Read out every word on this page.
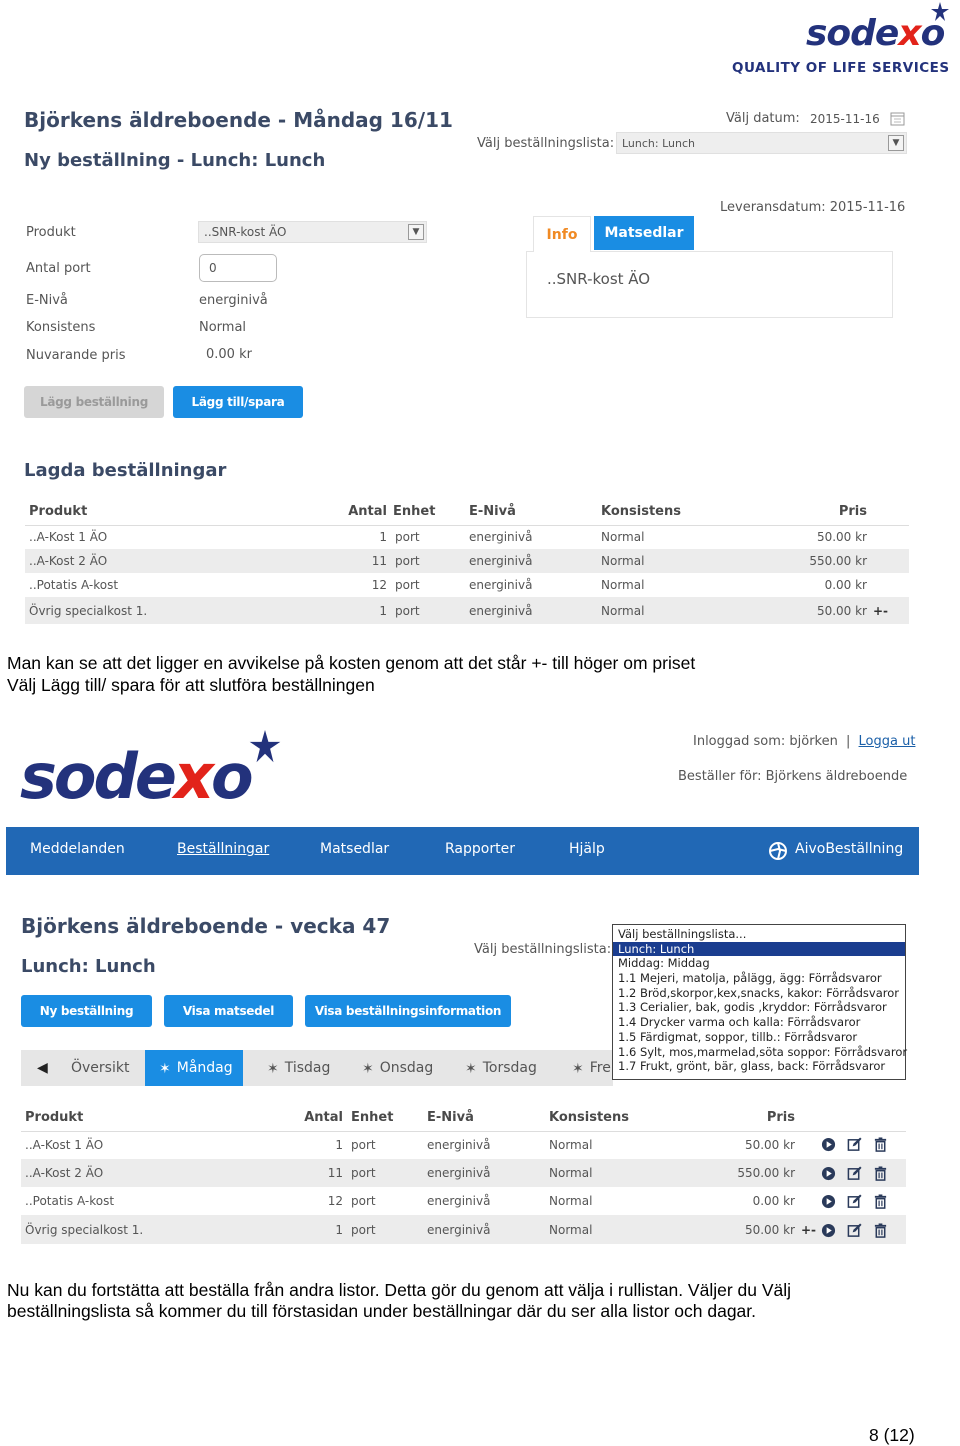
sodexo
QUALITY OF LIFE SERVICES
Björkens äldreboende - Måndag 16/11
Ny beställning - Lunch: Lunch
Välj datum: 2015-11-16
Välj beställningslista: Lunch: Lunch	▼
Leveransdatum: 2015-11-16
Produkt	..SNR-kost ÄO	▼
Antal port	0
E-Nivå	energinivå
Konsistens	Normal
Nuvarande pris	0.00 kr
Lägg beställning	Lägg till/spara
Info	Matsedlar
..SNR-kost ÄO
Lagda beställningar
Produkt	Antal	Enhet	E-Nivå	Konsistens	Pris	
..A-Kost 1 ÄO	1	port	energinivå	Normal	50.00 kr	
..A-Kost 2 ÄO	11	port	energinivå	Normal	550.00 kr	
..Potatis A-kost	12	port	energinivå	Normal	0.00 kr	
Övrig specialkost 1.	1	port	energinivå	Normal	50.00 kr	+-
Man kan se att det ligger en avvikelse på kosten genom att det står +- till höger om priset
Välj Lägg till/ spara för att slutföra beställningen
sodexo	Inloggad som: björken | Logga ut
Beställer för: Björkens äldreboende
Meddelanden	Beställningar	Matsedlar	Rapporter	Hjälp	AivoBeställning
Björkens äldreboende - vecka 47
Lunch: Lunch
Välj beställningslista:
Ny beställning	Visa matsedel	Visa beställningsinformation
◀ Översikt ✶ Måndag ✶ Tisdag ✶ Onsdag ✶ Torsdag	✶ Fre
Välj beställningslista...
Lunch: Lunch
Middag: Middag
1.1 Mejeri, matolja, pålägg, ägg: Förrådsvaror
1.2 Bröd,skorpor,kex,snacks, kakor: Förrådsvaror
1.3 Cerialier, bak, godis ,kryddor: Förrådsvaror
1.4 Drycker varma och kalla: Förrådsvaror
1.5 Färdigmat, soppor, tillb.: Förrådsvaror
1.6 Sylt, mos,marmelad,söta soppor: Förrådsvaror
1.7 Frukt, grönt, bär, glass, back: Förrådsvaror
Produkt	Antal	Enhet	E-Nivå	Konsistens	Pris	
..A-Kost 1 ÄO	1	port	energinivå	Normal	50.00 kr	
..A-Kost 2 ÄO	11	port	energinivå	Normal	550.00 kr	
..Potatis A-kost	12	port	energinivå	Normal	0.00 kr	
Övrig specialkost 1.	1	port	energinivå	Normal	50.00 kr	+-
Nu kan du fortstätta att beställa från andra listor. Detta gör du genom att välja i rullistan. Väljer du Välj
beställningslista så kommer du till förstasidan under beställningar där du ser alla listor och dagar.
8 (12)
